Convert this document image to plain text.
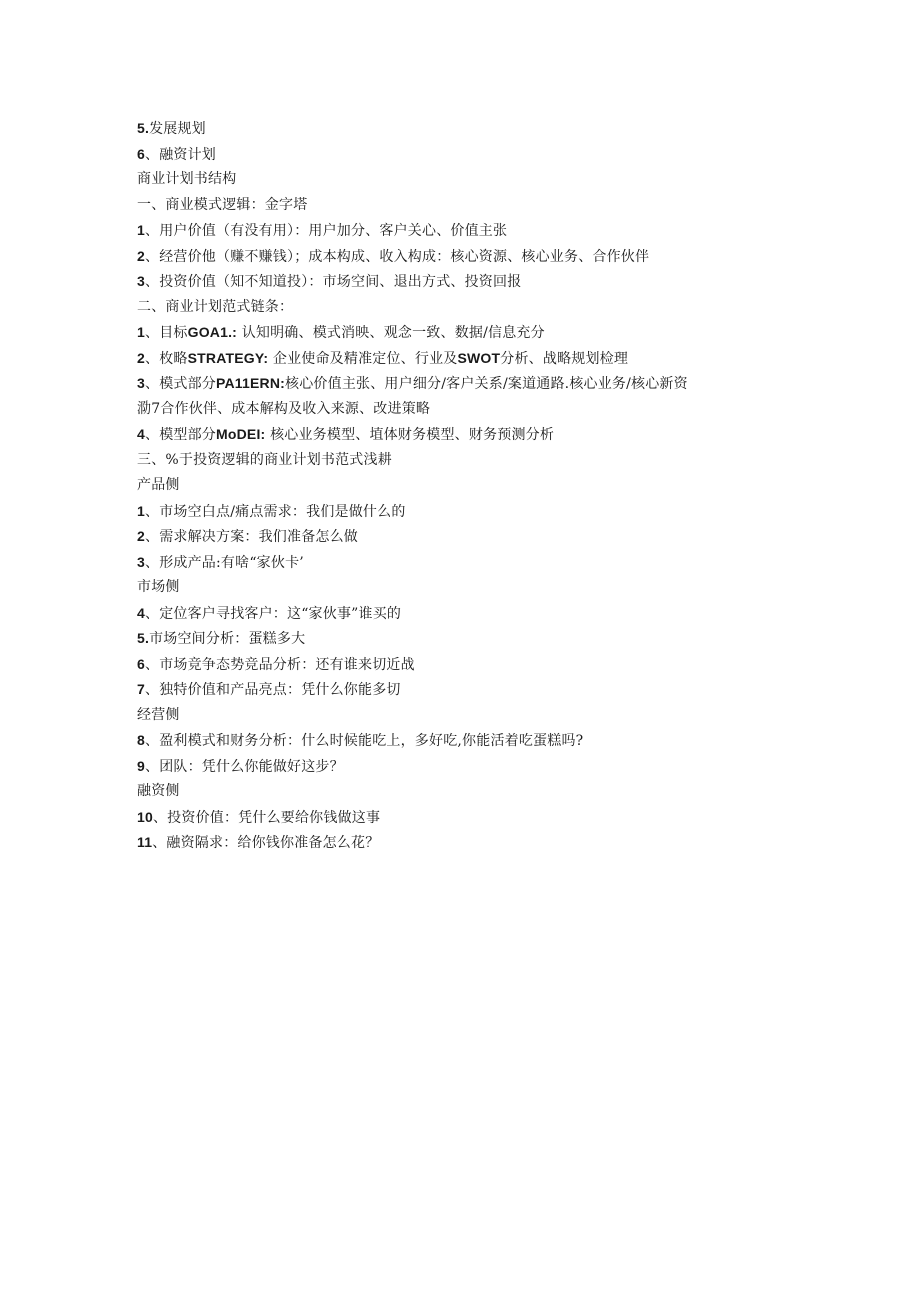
5.发展规划
6、融资计划
商业计划书结构
一、商业模式逻辑：金字塔
1、用户价值（有没有用）：用户加分、客户关心、价值主张
2、经营价他（赚不赚钱）；成本构成、收入构成：核心资源、核心业务、合作伙伴
3、投资价值（知不知道投）：市场空间、退出方式、投资回报
二、商业计划范式链条：
1、目标GOA1.: 认知明确、模式消映、观念一致、数据/信息充分
2、枚略STRATEGY: 企业使命及精准定位、行业及SWOT分析、战略规划检理
3、模式部分PA11ERN:核心价值主张、用户细分/客户关系/案道通路.核心业务/核心新资
泐7合作伙伴、成本解构及收入来源、改进策略
4、模型部分MoDEI: 核心业务模型、埴体财务模型、财务预测分析
三、%于投资逻辑的商业计划书范式浅耕
产品侧
1、市场空白点/痛点需求：我们是做什么的
2、需求解决方案：我们准备怎么做
3、形成产品:有啥“家伙卡’
市场侧
4、定位客户寻找客户：这“家伙事”谁买的
5.市场空间分析：蛋糕多大
6、市场竞争态势竞品分析：还有谁来切近战
7、独特价值和产品亮点：凭什么你能多切
经营侧
8、盈利模式和财务分析：什么时候能吃上，多好吃,你能活着吃蛋糕吗?
9、团队：凭什么你能做好这步？
融资侧
10、投资价值：凭什么要给你钱做这事
11、融资隔求：给你钱你准备怎么花？
